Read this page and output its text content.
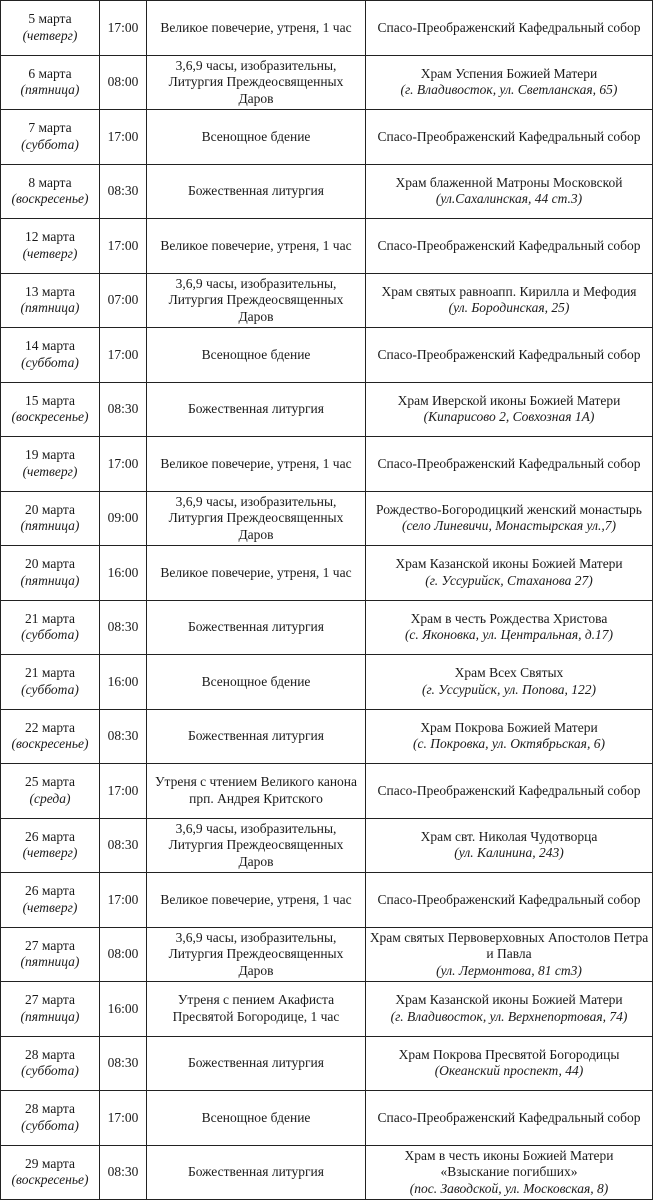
5 марта
(четверг)	17:00	Великое повечерие, утреня, 1 час	Спасо-Преображенский Кафедральный собор

6 марта
(пятница)	08:00	3,6,9 часы, изобразительны, Литургия Преждеосвященных Даров	Храм Успения Божией Матери
(г. Владивосток, ул. Светланская, 65)

7 марта
(суббота)	17:00	Всенощное бдение	Спасо-Преображенский Кафедральный собор

8 марта
(воскресенье)	08:30	Божественная литургия	Храм блаженной Матроны Московской
(ул.Сахалинская, 44 ст.3)

12 марта
(четверг)	17:00	Великое повечерие, утреня, 1 час	Спасо-Преображенский Кафедральный собор

13 марта
(пятница)	07:00	3,6,9 часы, изобразительны, Литургия Преждеосвященных Даров	Храм святых равноапп. Кирилла и Мефодия
(ул. Бородинская, 25)

14 марта
(суббота)	17:00	Всенощное бдение	Спасо-Преображенский Кафедральный собор

15 марта
(воскресенье)	08:30	Божественная литургия	Храм Иверской иконы Божией Матери
(Кипарисово 2, Совхозная 1А)

19 марта
(четверг)	17:00	Великое повечерие, утреня, 1 час	Спасо-Преображенский Кафедральный собор

20 марта
(пятница)	09:00	3,6,9 часы, изобразительны, Литургия Преждеосвященных Даров	Рождество-Богородицкий женский монастырь
(село Линевичи, Монастырская ул.,7)

20 марта
(пятница)	16:00	Великое повечерие, утреня, 1 час	Храм Казанской иконы Божией Матери
(г. Уссурийск, Стаханова 27)

21 марта
(суббота)	08:30	Божественная литургия	Храм в честь Рождества Христова
(с. Яконовка, ул. Центральная, д.17)

21 марта
(суббота)	16:00	Всенощное бдение	Храм Всех Святых
(г. Уссурийск, ул. Попова, 122)

22 марта
(воскресенье)	08:30	Божественная литургия	Храм Покрова Божией Матери
(с. Покровка, ул. Октябрьская, 6)

25 марта
(среда)	17:00	Утреня с чтением Великого канона прп. Андрея Критского	Спасо-Преображенский Кафедральный собор

26 марта
(четверг)	08:30	3,6,9 часы, изобразительны, Литургия Преждеосвященных Даров	Храм свт. Николая Чудотворца
(ул. Калинина, 243)

26 марта
(четверг)	17:00	Великое повечерие, утреня, 1 час	Спасо-Преображенский Кафедральный собор

27 марта
(пятница)	08:00	3,6,9 часы, изобразительны, Литургия Преждеосвященных Даров	Храм святых Первоверховных Апостолов Петра и Павла
(ул. Лермонтова, 81 ст3)

27 марта
(пятница)	16:00	Утреня с пением Акафиста Пресвятой Богородице, 1 час	Храм Казанской иконы Божией Матери
(г. Владивосток, ул. Верхнепортовая, 74)

28 марта
(суббота)	08:30	Божественная литургия	Храм Покрова Пресвятой Богородицы
(Океанский проспект, 44)

28 марта
(суббота)	17:00	Всенощное бдение	Спасо-Преображенский Кафедральный собор

29 марта
(воскресенье)	08:30	Божественная литургия	Храм в честь иконы Божией Матери «Взыскание погибших»
(пос. Заводской, ул. Московская, 8)
